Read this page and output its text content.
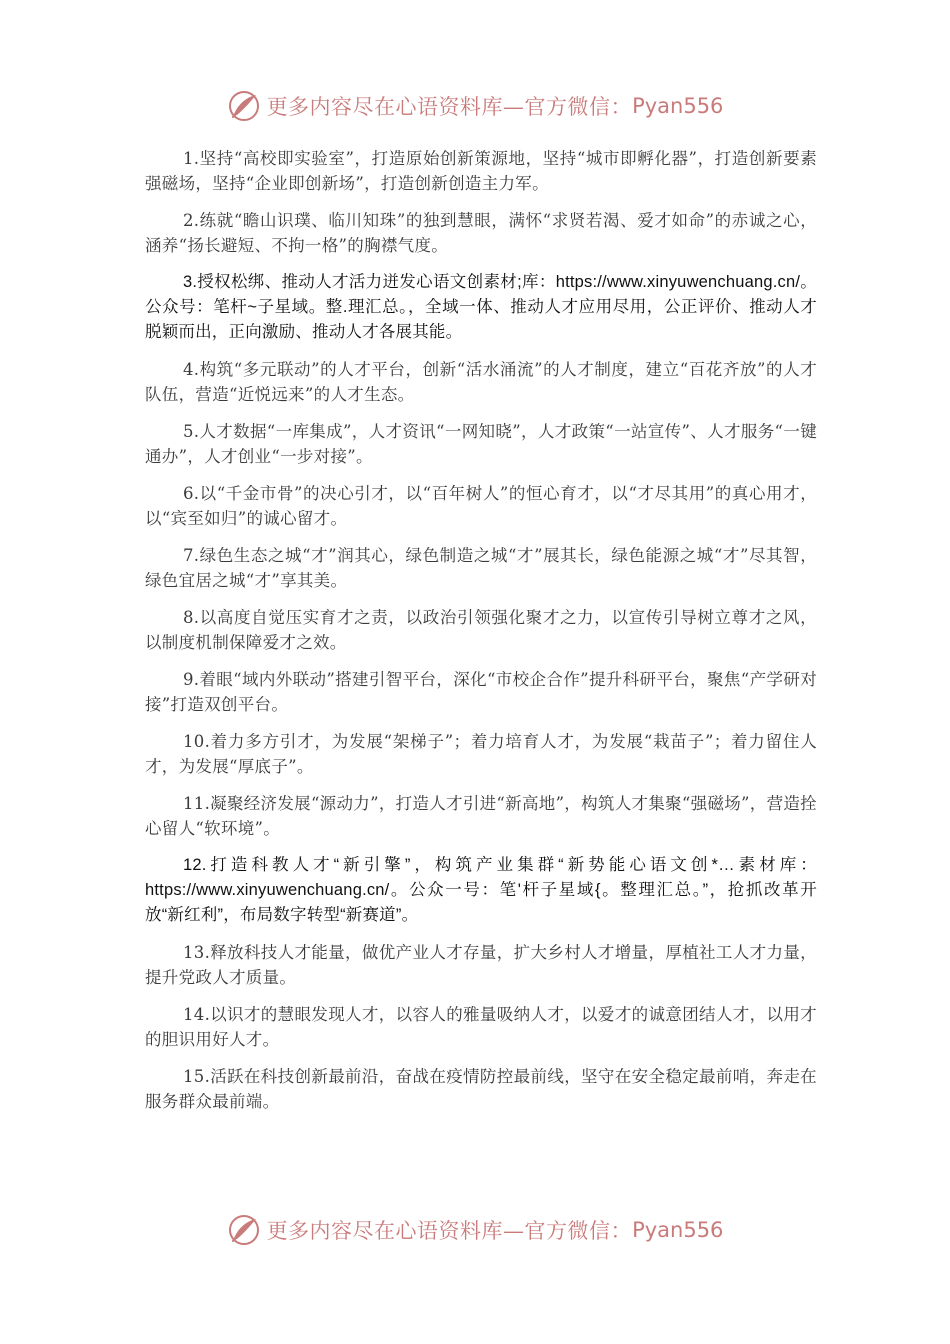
更多内容尽在心语资料库—官方微信： Pyan556

1.坚持“高校即实验室”，打造原始创新策源地，坚持“城市即孵化器”，打造创新要素强磁场，坚持“企业即创新场”，打造创新创造主力军。

2.练就“瞻山识璞、临川知珠”的独到慧眼，满怀“求贤若渴、爱才如命”的赤诚之心，涵养“扬长避短、不拘一格”的胸襟气度。

3.授权松绑、推动人才活力迸发心语文创素材;库：https://www.xinyuwenchuang.cn/。公众号：笔杆~子星域。整.理汇总。，全域一体、推动人才应用尽用，公正评价、推动人才脱颖而出，正向激励、推动人才各展其能。

4.构筑“多元联动”的人才平台，创新“活水涌流”的人才制度，建立“百花齐放”的人才队伍，营造“近悦远来”的人才生态。

5.人才数据“一库集成”，人才资讯“一网知晓”，人才政策“一站宣传”、人才服务“一键通办”，人才创业“一步对接”。

6.以“千金市骨”的决心引才，以“百年树人”的恒心育才，以“才尽其用”的真心用才，以“宾至如归”的诚心留才。

7.绿色生态之城“才”润其心，绿色制造之城“才”展其长，绿色能源之城“才”尽其智，绿色宜居之城“才”享其美。

8.以高度自觉压实育才之责，以政治引领强化聚才之力，以宣传引导树立尊才之风，以制度机制保障爱才之效。

9.着眼“域内外联动”搭建引智平台，深化“市校企合作”提升科研平台，聚焦“产学研对接”打造双创平台。

10.着力多方引才，为发展“架梯子”；着力培育人才，为发展“栽苗子”；着力留住人才，为发展“厚底子”。

11.凝聚经济发展“源动力”，打造人才引进“新高地”，构筑人才集聚“强磁场”，营造拴心留人“软环境”。

12.打造科教人才“新引擎”，构筑产业集群“新势能心语文创*…素材库：https://www.xinyuwenchuang.cn/。公众一号：笔'杆子星域{。整理汇总。”，抢抓改革开放“新红利”，布局数字转型“新赛道”。

13.释放科技人才能量，做优产业人才存量，扩大乡村人才增量，厚植社工人才力量，提升党政人才质量。

14.以识才的慧眼发现人才，以容人的雅量吸纳人才，以爱才的诚意团结人才，以用才的胆识用好人才。

15.活跃在科技创新最前沿，奋战在疫情防控最前线，坚守在安全稳定最前哨，奔走在服务群众最前端。

更多内容尽在心语资料库—官方微信： Pyan556
